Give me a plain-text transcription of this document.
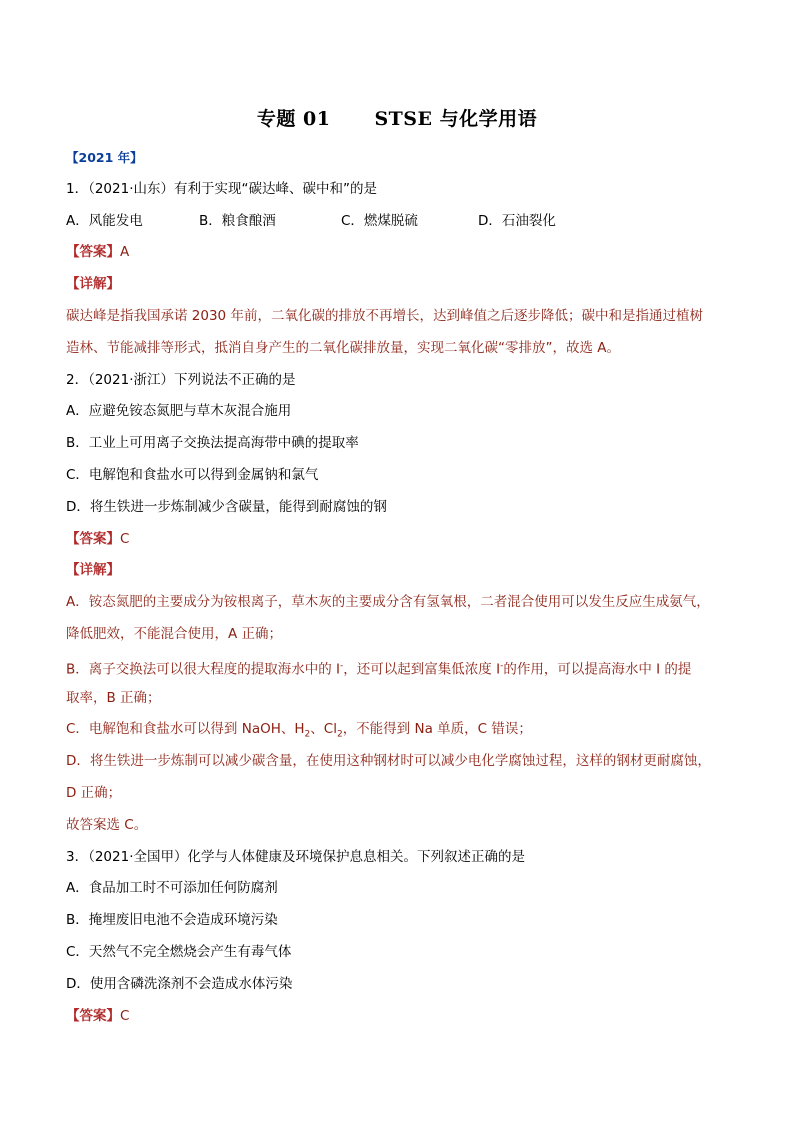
专题 01 STSE 与化学用语
【2021 年】
1．（2021·山东）有利于实现“碳达峰、碳中和”的是
A．风能发电	B．粮食酿酒	C．燃煤脱硫	D．石油裂化
【答案】A
【详解】
碳达峰是指我国承诺 2030 年前，二氧化碳的排放不再增长，达到峰值之后逐步降低；碳中和是指通过植树
造林、节能减排等形式，抵消自身产生的二氧化碳排放量，实现二氧化碳“零排放”，故选 A。
2．（2021·浙江）下列说法不正确的是
A．应避免铵态氮肥与草木灰混合施用
B．工业上可用离子交换法提高海带中碘的提取率
C．电解饱和食盐水可以得到金属钠和氯气
D．将生铁进一步炼制减少含碳量，能得到耐腐蚀的钢
【答案】C
【详解】
A．铵态氮肥的主要成分为铵根离子，草木灰的主要成分含有氢氧根，二者混合使用可以发生反应生成氨气，
降低肥效，不能混合使用，A 正确；
B．离子交换法可以很大程度的提取海水中的 I-，还可以起到富集低浓度 I-的作用，可以提高海水中 I 的提
取率，B 正确；
C．电解饱和食盐水可以得到 NaOH、$H_2$、$Cl_2$，不能得到 Na 单质，C 错误；
D．将生铁进一步炼制可以减少碳含量，在使用这种钢材时可以减少电化学腐蚀过程，这样的钢材更耐腐蚀，
D 正确；
故答案选 C。
3．（2021·全国甲）化学与人体健康及环境保护息息相关。下列叙述正确的是
A．食品加工时不可添加任何防腐剂
B．掩埋废旧电池不会造成环境污染
C．天然气不完全燃烧会产生有毒气体
D．使用含磷洗涤剂不会造成水体污染
【答案】C
